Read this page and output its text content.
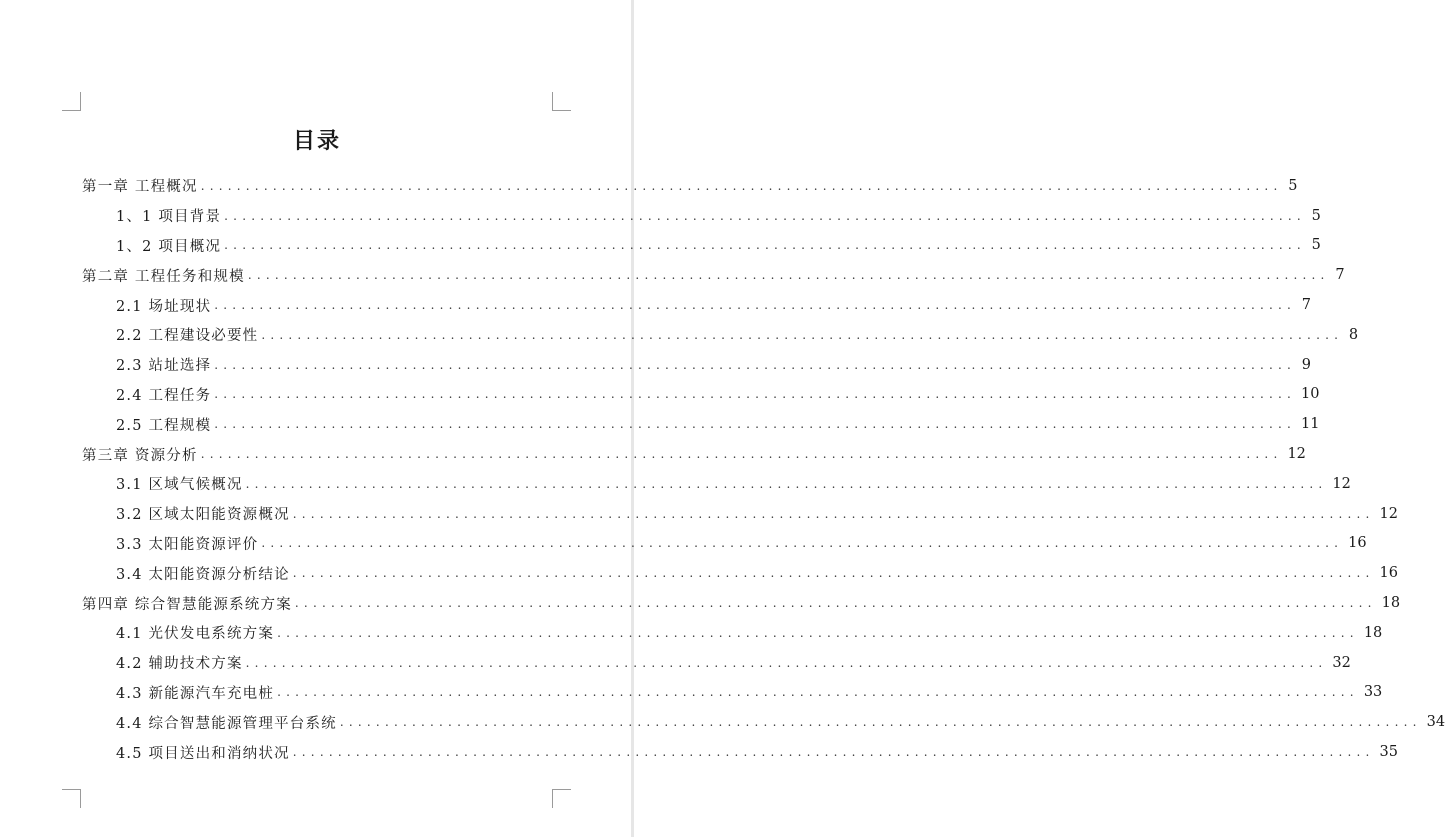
目录
第一章 工程概况 ........................................................................................................................ 5
1、1 项目背景 ........................................................................................................................ 5
1、2 项目概况 ........................................................................................................................ 5
第二章 工程任务和规模 ........................................................................................................................ 7
2.1 场址现状 ........................................................................................................................ 7
2.2 工程建设必要性 ........................................................................................................................ 8
2.3 站址选择 ........................................................................................................................ 9
2.4 工程任务 ........................................................................................................................ 10
2.5 工程规模 ........................................................................................................................ 11
第三章 资源分析 ........................................................................................................................ 12
3.1 区域气候概况 ........................................................................................................................ 12
3.2 区域太阳能资源概况 ........................................................................................................................ 12
3.3 太阳能资源评价 ........................................................................................................................ 16
3.4 太阳能资源分析结论 ........................................................................................................................ 16
第四章 综合智慧能源系统方案 ........................................................................................................................ 18
4.1 光伏发电系统方案 ........................................................................................................................ 18
4.2 辅助技术方案 ........................................................................................................................ 32
4.3 新能源汽车充电桩 ........................................................................................................................ 33
4.4 综合智慧能源管理平台系统 ........................................................................................................................ 34
4.5 项目送出和消纳状况 ........................................................................................................................ 35
